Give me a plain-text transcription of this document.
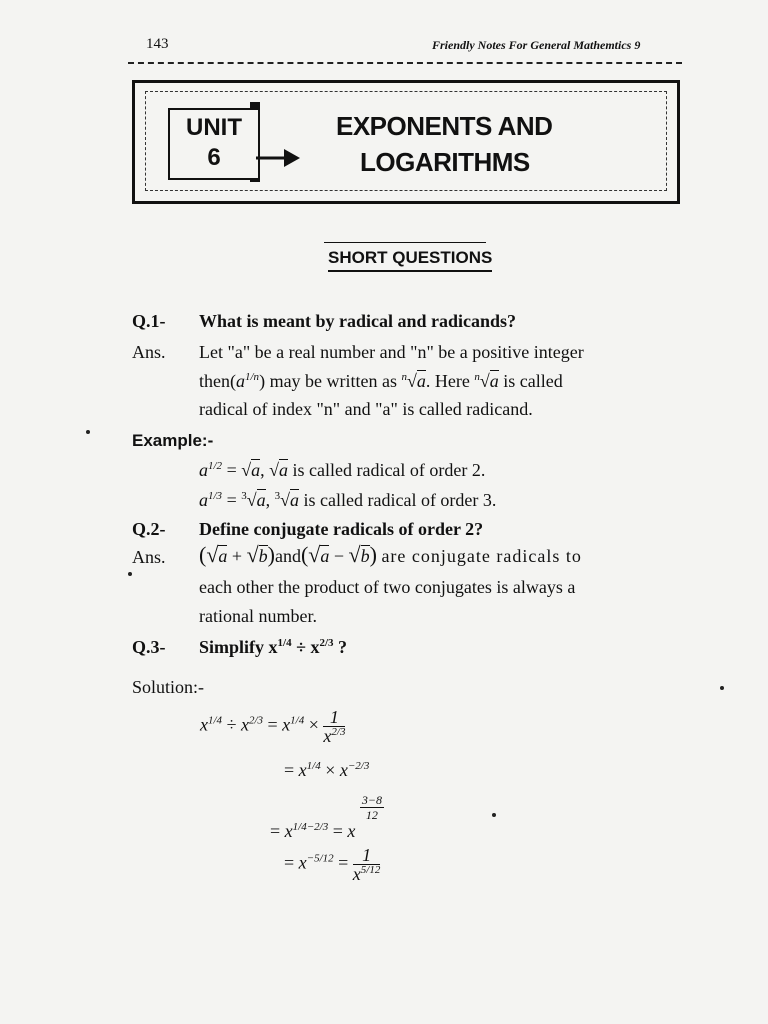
143	Friendly Notes For General Mathemtics 9
UNIT
6
EXPONENTS AND
LOGARITHMS
SHORT QUESTIONS
Q.1- What is meant by radical and radicands?
Ans. Let "a" be a real number and "n" be a positive integer
$then(a^{1/n})$ may be written as $^n$√a. Here $^n$√a is called
radical of index "n" and "a" is called radicand.
Example:-
$a^{1/2} = √a$, √a is called radical of order 2.
$a^{1/3} = ^3√a$, $^3$√a is called radical of order 3.
Q.2- Define conjugate radicals of order 2?
Ans. (√a + √b)and(√a − √b) are conjugate radicals to
each other the product of two conjugates is always a
rational number.
Q.3- Simplify $x^{1/4} \div x^{2/3}$ ?
Solution:-
$x^{1/4} \div x^{2/3} = x^{1/4} \times \frac{1}{x^{2/3}}$
= $x^{1/4} \times x^{-2/3}$
= $x^{1/4-2/3} = x$
$\frac{3-8}{12}$
= $x^{-5/12} = \frac{1}{x^{5/12}}$
